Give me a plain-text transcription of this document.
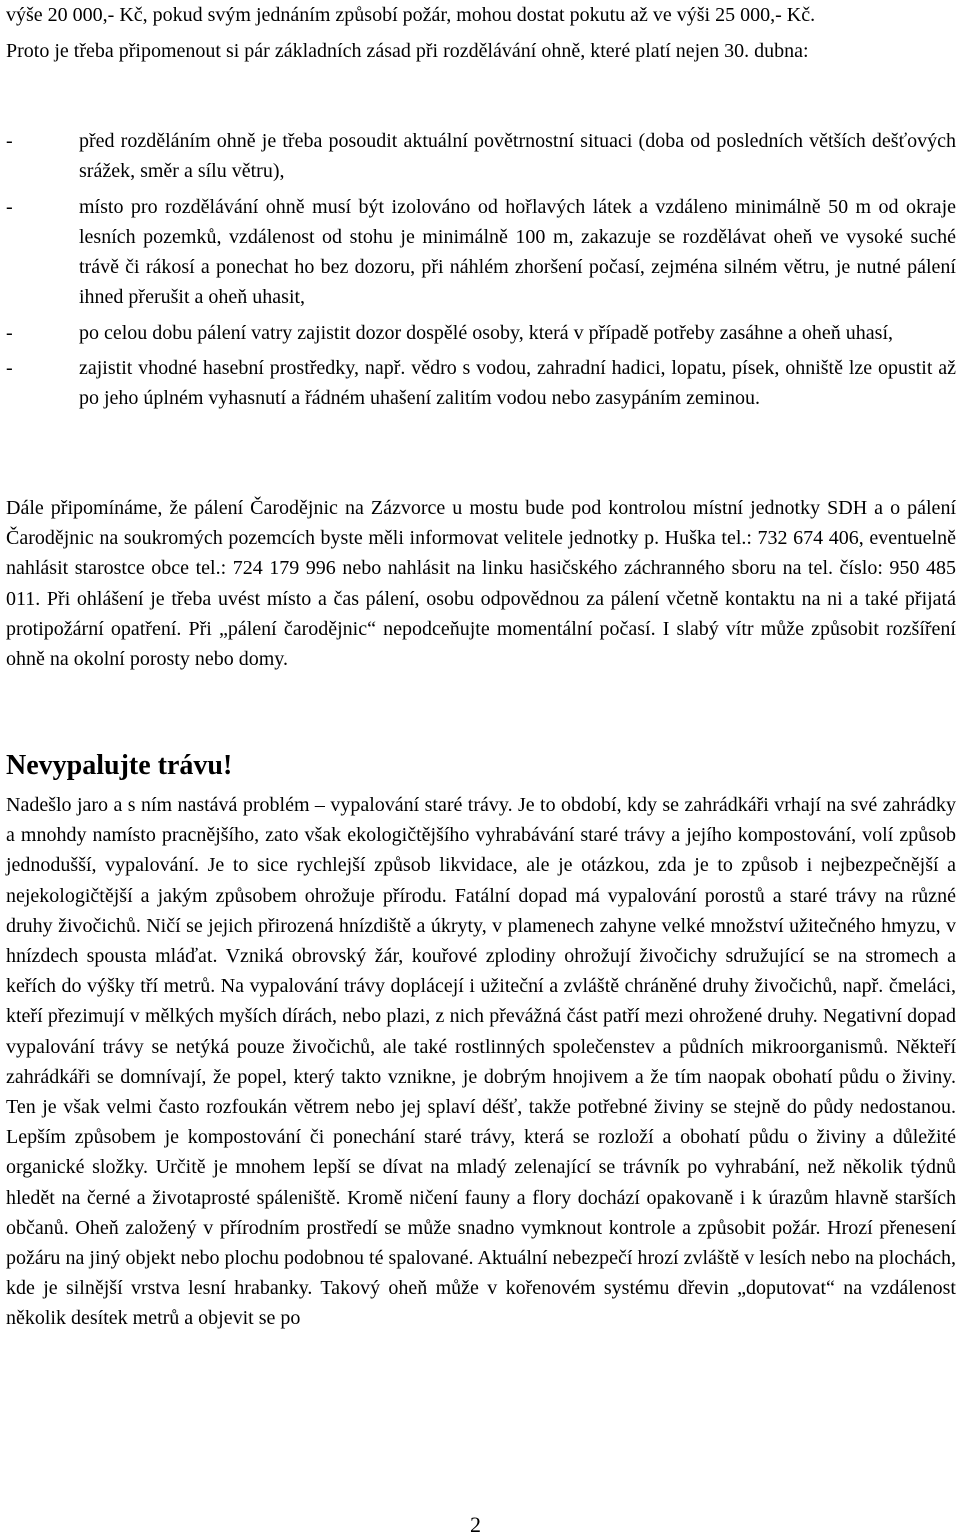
výše 20 000,- Kč, pokud svým jednáním způsobí požár, mohou dostat pokutu až ve výši 25 000,- Kč.

Proto je třeba připomenout si pár základních zásad při rozdělávání ohně, které platí nejen 30. dubna:

-	před rozděláním ohně je třeba posoudit aktuální povětrnostní situaci (doba od posledních větších dešťových srážek, směr a sílu větru),

-	místo pro rozdělávání ohně musí být izolováno od hořlavých látek a vzdáleno minimálně 50 m od okraje lesních pozemků, vzdálenost od stohu je minimálně 100 m, zakazuje se rozdělávat oheň ve vysoké suché trávě či rákosí a ponechat ho bez dozoru, při náhlém zhoršení počasí, zejména silném větru, je nutné pálení ihned přerušit a oheň uhasit,

-	po celou dobu pálení vatry zajistit dozor dospělé osoby, která v případě potřeby zasáhne a oheň uhasí,

-	zajistit vhodné hasební prostředky, např. vědro s vodou, zahradní hadici, lopatu, písek, ohniště lze opustit až po jeho úplném vyhasnutí a řádném uhašení zalitím vodou nebo zasypáním zeminou.

Dále připomínáme, že pálení Čarodějnic na Zázvorce u mostu bude pod kontrolou místní jednotky SDH a o pálení Čarodějnic na soukromých pozemcích byste měli informovat velitele jednotky p. Huška tel.: 732 674 406, eventuelně nahlásit starostce obce tel.: 724 179 996 nebo nahlásit na linku hasičského záchranného sboru na tel. číslo: 950 485 011. Při ohlášení je třeba uvést místo a čas pálení, osobu odpovědnou za pálení včetně kontaktu na ni a také přijatá protipožární opatření. Při „pálení čarodějnic“ nepodceňujte momentální počasí. I slabý vítr může způsobit rozšíření ohně na okolní porosty nebo domy.

Nevypalujte trávu!

Nadešlo jaro a s ním nastává problém – vypalování staré trávy. Je to období, kdy se zahrádkáři vrhají na své zahrádky a mnohdy namísto pracnějšího, zato však ekologičtějšího vyhrabávání staré trávy a jejího kompostování, volí způsob jednodušší, vypalování. Je to sice rychlejší způsob likvidace, ale je otázkou, zda je to způsob i nejbezpečnější a nejekologičtější a jakým způsobem ohrožuje přírodu. Fatální dopad má vypalování porostů a staré trávy na různé druhy živočichů. Ničí se jejich přirozená hnízdiště a úkryty, v plamenech zahyne velké množství užitečného hmyzu, v hnízdech spousta mláďat. Vzniká obrovský žár, kouřové zplodiny ohrožují živočichy sdružující se na stromech a keřích do výšky tří metrů. Na vypalování trávy doplácejí i užiteční a zvláště chráněné druhy živočichů, např. čmeláci, kteří přezimují v mělkých myších dírách, nebo plazi, z nich převážná část patří mezi ohrožené druhy. Negativní dopad vypalování trávy se netýká pouze živočichů, ale také rostlinných společenstev a půdních mikroorganismů. Někteří zahrádkáři se domnívají, že popel, který takto vznikne, je dobrým hnojivem a že tím naopak obohatí půdu o živiny. Ten je však velmi často rozfoukán větrem nebo jej splaví déšť, takže potřebné živiny se stejně do půdy nedostanou. Lepším způsobem je kompostování či ponechání staré trávy, která se rozloží a obohatí půdu o živiny a důležité organické složky. Určitě je mnohem lepší se dívat na mladý zelenající se trávník po vyhrabání, než několik týdnů hledět na černé a životaprosté spáleniště. Kromě ničení fauny a flory dochází opakovaně i k úrazům hlavně starších občanů. Oheň založený v přírodním prostředí se může snadno vymknout kontrole a způsobit požár. Hrozí přenesení požáru na jiný objekt nebo plochu podobnou té spalované. Aktuální nebezpečí hrozí zvláště v lesích nebo na plochách, kde je silnější vrstva lesní hrabanky. Takový oheň může v kořenovém systému dřevin „doputovat“ na vzdálenost několik desítek metrů a objevit se po

2
